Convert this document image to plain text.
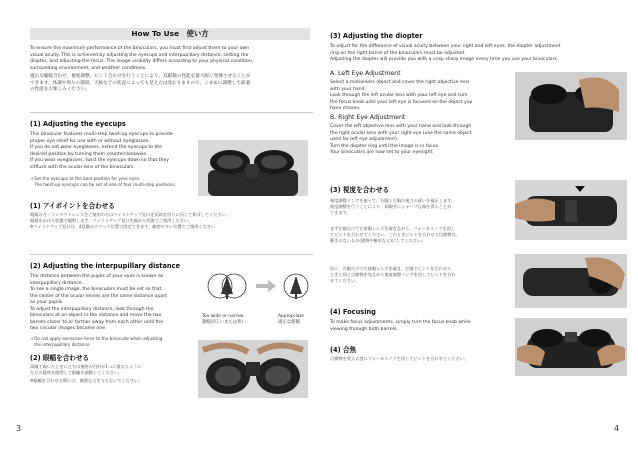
How To Use　使い方
To ensure the maximum performance of the binoculars, you must first adjust them to your own
visual acuity. This is achieved by adjusting the eyecups and interpupillary distance, setting the
diopter, and adjusting the focus. The image visibility differs according to your physical condition,
surrounding environment, and weather conditions.
適正な瞳幅合わせ、視度調整、ピント合わせを行うことにより、双眼鏡の性能を最大限に発揮させることが
できます。体調や周りの環境、天候などの状況によっても見え方は変わりますので、こまめに調整して最適
の性能をお楽しみください。
(1) Adjusting the eyecups
This binocular features multi-step twist-up eyecups to provide
proper eye relief for use with or without eyeglasses.
If you do not wear eyeglasses, extend the eyecups to the
desired position by turning them counterclockwise.
If you wear eyeglasses, twist the eyecups down so that they
sitflush with the ocular lens of the binoculars.
＊Set the eyecups at the best position for your eyes.
　The twist-up eyecups can be set at one of four multi-step positions.
(1) アイポイントを合わせる
眼鏡の方・コンタクトレンズをご使用の方はツイストアップ見口を反時計回りに回して伸ばしてください。
眼鏡をかけた状態で観察します。ツイストアップ見口を縮めた状態でご使用ください。
※ツイストアップ見口は、4段階のクリック位置で固定できます。観察やすい位置でご使用ください
(2) Adjusting the interpupillary distance
The distance between the pupils of your eyes is known as
interpupillary distance.
To see a single image, the binoculars must be set so that
the center of the ocular lenses are the same distance apart
as your pupils.
To adjust the interpupillary distance, look through the
binoculars at an object in the distance and move the two
barrels closer to or farther away from each other until the
two circular images become one.
＊Do not apply excessive force to the binocular when adjusting
　the interpupillary distance.

Too wide or narrow
眼幅が広いまたは狭い

Appropriate
適正な眼幅

(2) 眼幅を合わせる
両眼で覗いたときに左右の視野の円形が1つに重なるように
左右の鏡筒を開閉して眼幅を調節してください。
※眼幅を合わせる際には、無理な力を与えないでください。
3
(3) Adjusting the diopter
To adjust for the difference of visual acuity between your right and left eyes, the diopter adjustment
ring on the right barrel of the binoculars must be adjusted.
Adjusting the diopter will provide you with a crisp sharp image every time you use your binoculars.
A. Left Eye Adjustment
Select a motionless object and cover the right objective lens
with your hand.
Look through the left ocular lens with your left eye and turn
the focus knob until your left eye is focused on the object you
have chosen.
B. Right Eye Adjustment
Cover the left objective lens with your hand and look through
the right ocular lens with your right eye (use the same object
used for left eye adjustment).
Turn the diopter ring until the image is in focus.
Your binoculars are now set to your eyesight.
(3) 視度を合わせる
視度調整リングを使って、右眼と左眼の視力の違いを補正します。
視度調整を行うことにより、両眼共にシャープな像を得ることが
できます。
まず左眼だけで左接眼レンズを覗きながら、フォーカスノブを回し
てピントを合わせてください。このときピントを合わせる目標物は、
動きのないもの(建物や樹木など)にしてください。
次に、右眼だけで右接眼レンズを覗き、左眼でピントを合わせた
ときと同じ目標物を見ながら視度調整リングを回してピントを合わ
せてください。
(4) Focusing
To make focus adjustments, simply turn the focus knob while
viewing through both barrels.
(4) 合焦
目標物を変える度にフォーカスノブを回してピントを合わせてください。
4
